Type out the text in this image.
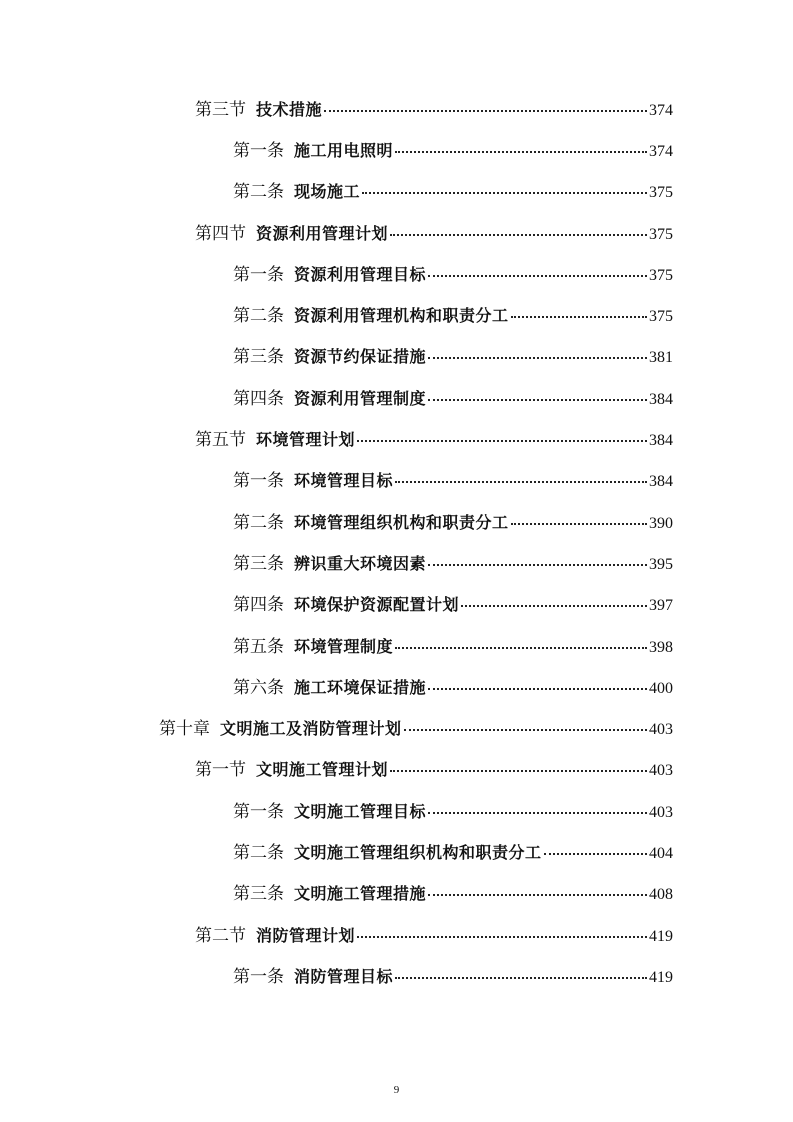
第三节 技术措施	374
第一条 施工用电照明	374
第二条 现场施工	375
第四节 资源利用管理计划	375
第一条 资源利用管理目标	375
第二条 资源利用管理机构和职责分工	375
第三条 资源节约保证措施	381
第四条 资源利用管理制度	384
第五节 环境管理计划	384
第一条 环境管理目标	384
第二条 环境管理组织机构和职责分工	390
第三条 辨识重大环境因素	395
第四条 环境保护资源配置计划	397
第五条 环境管理制度	398
第六条 施工环境保证措施	400
第十章 文明施工及消防管理计划	403
第一节 文明施工管理计划	403
第一条 文明施工管理目标	403
第二条 文明施工管理组织机构和职责分工	404
第三条 文明施工管理措施	408
第二节 消防管理计划	419
第一条 消防管理目标	419
9
